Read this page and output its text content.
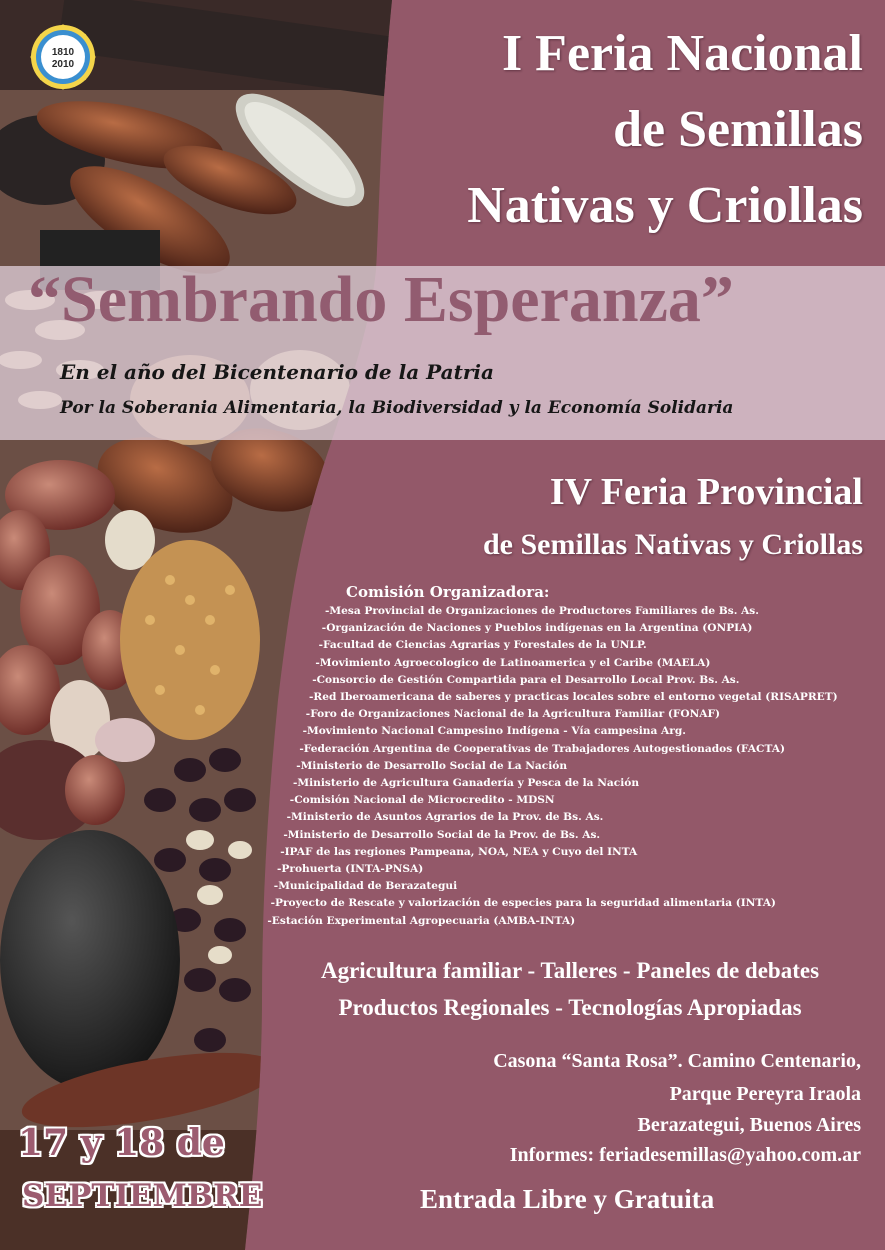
1810
2010	I Feria Nacional
de Semillas
Nativas y Criollas
“Sembrando Esperanza”
En el año del Bicentenario de la Patria
Por la Soberania Alimentaria, la Biodiversidad y la Economía Solidaria
IV Feria Provincial
de Semillas Nativas y Criollas
Comisión Organizadora:
-Mesa Provincial de Organizaciones de Productores Familiares de Bs. As.
-Organización de Naciones y Pueblos indígenas en la Argentina (ONPIA)
-Facultad de Ciencias Agrarias y Forestales de la UNLP.
-Movimiento Agroecologico de Latinoamerica y el Caribe (MAELA)
-Consorcio de Gestión Compartida para el Desarrollo Local Prov. Bs. As.
-Red Iberoamericana de saberes y practicas locales sobre el entorno vegetal (RISAPRET)
-Foro de Organizaciones Nacional de la Agricultura Familiar (FONAF)
-Movimiento Nacional Campesino Indígena - Vía campesina Arg.
-Federación Argentina de Cooperativas de Trabajadores Autogestionados (FACTA)
-Ministerio de Desarrollo Social de La Nación
-Ministerio de Agricultura Ganadería y Pesca de la Nación
-Comisión Nacional de Microcredito - MDSN
-Ministerio de Asuntos Agrarios de la Prov. de Bs. As.
-Ministerio de Desarrollo Social de la Prov. de Bs. As.
-IPAF de las regiones Pampeana, NOA, NEA y Cuyo del INTA
-Prohuerta (INTA-PNSA)
-Municipalidad de Berazategui
-Proyecto de Rescate y valorización de especies para la seguridad alimentaria (INTA)
-Estación Experimental Agropecuaria (AMBA-INTA)
Agricultura familiar - Talleres - Paneles de debates
Productos Regionales - Tecnologías Apropiadas
Casona “Santa Rosa”. Camino Centenario,
Parque Pereyra Iraola
Berazategui, Buenos Aires
Informes: feriadesemillas@yahoo.com.ar
Entrada Libre y Gratuita
17 y 18 de
SEPTIEMBRE
